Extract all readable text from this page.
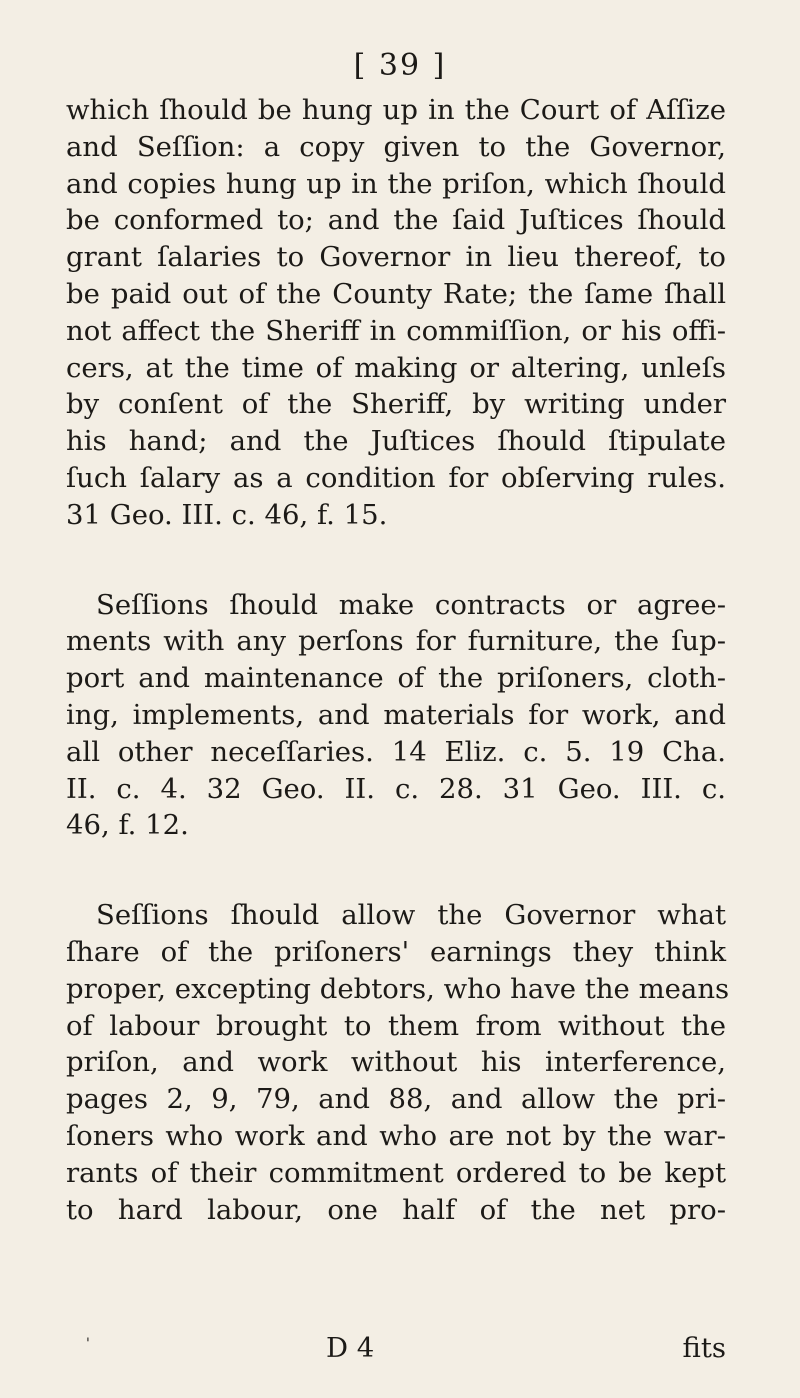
[ 39 ]
which ſhould be hung up in the Court of Aſſize
and Seſſion: a copy given to the Governor,
and copies hung up in the priſon, which ſhould
be conformed to; and the ſaid Juſtices ſhould
grant ſalaries to Governor in lieu thereof, to
be paid out of the County Rate; the ſame ſhall
not affect the Sheriff in commiſſion, or his offi-
cers, at the time of making or altering, unleſs
by conſent of the Sheriff, by writing under
his hand; and the Juſtices ſhould ſtipulate
ſuch ſalary as a condition for obſerving rules.
31 Geo. III. c. 46, f. 15.
Seſſions ſhould make contracts or agree-
ments with any perſons for furniture, the ſup-
port and maintenance of the priſoners, cloth-
ing, implements, and materials for work, and
all other neceſſaries. 14 Eliz. c. 5. 19 Cha.
II. c. 4. 32 Geo. II. c. 28. 31 Geo. III. c.
46, f. 12.
Seſſions ſhould allow the Governor what
ſhare of the priſoners' earnings they think
proper, excepting debtors, who have the means
of labour brought to them from without the
priſon, and work without his interference,
pages 2, 9, 79, and 88, and allow the pri-
ſoners who work and who are not by the war-
rants of their commitment ordered to be kept
to hard labour, one half of the net pro-
'	D 4	fits
